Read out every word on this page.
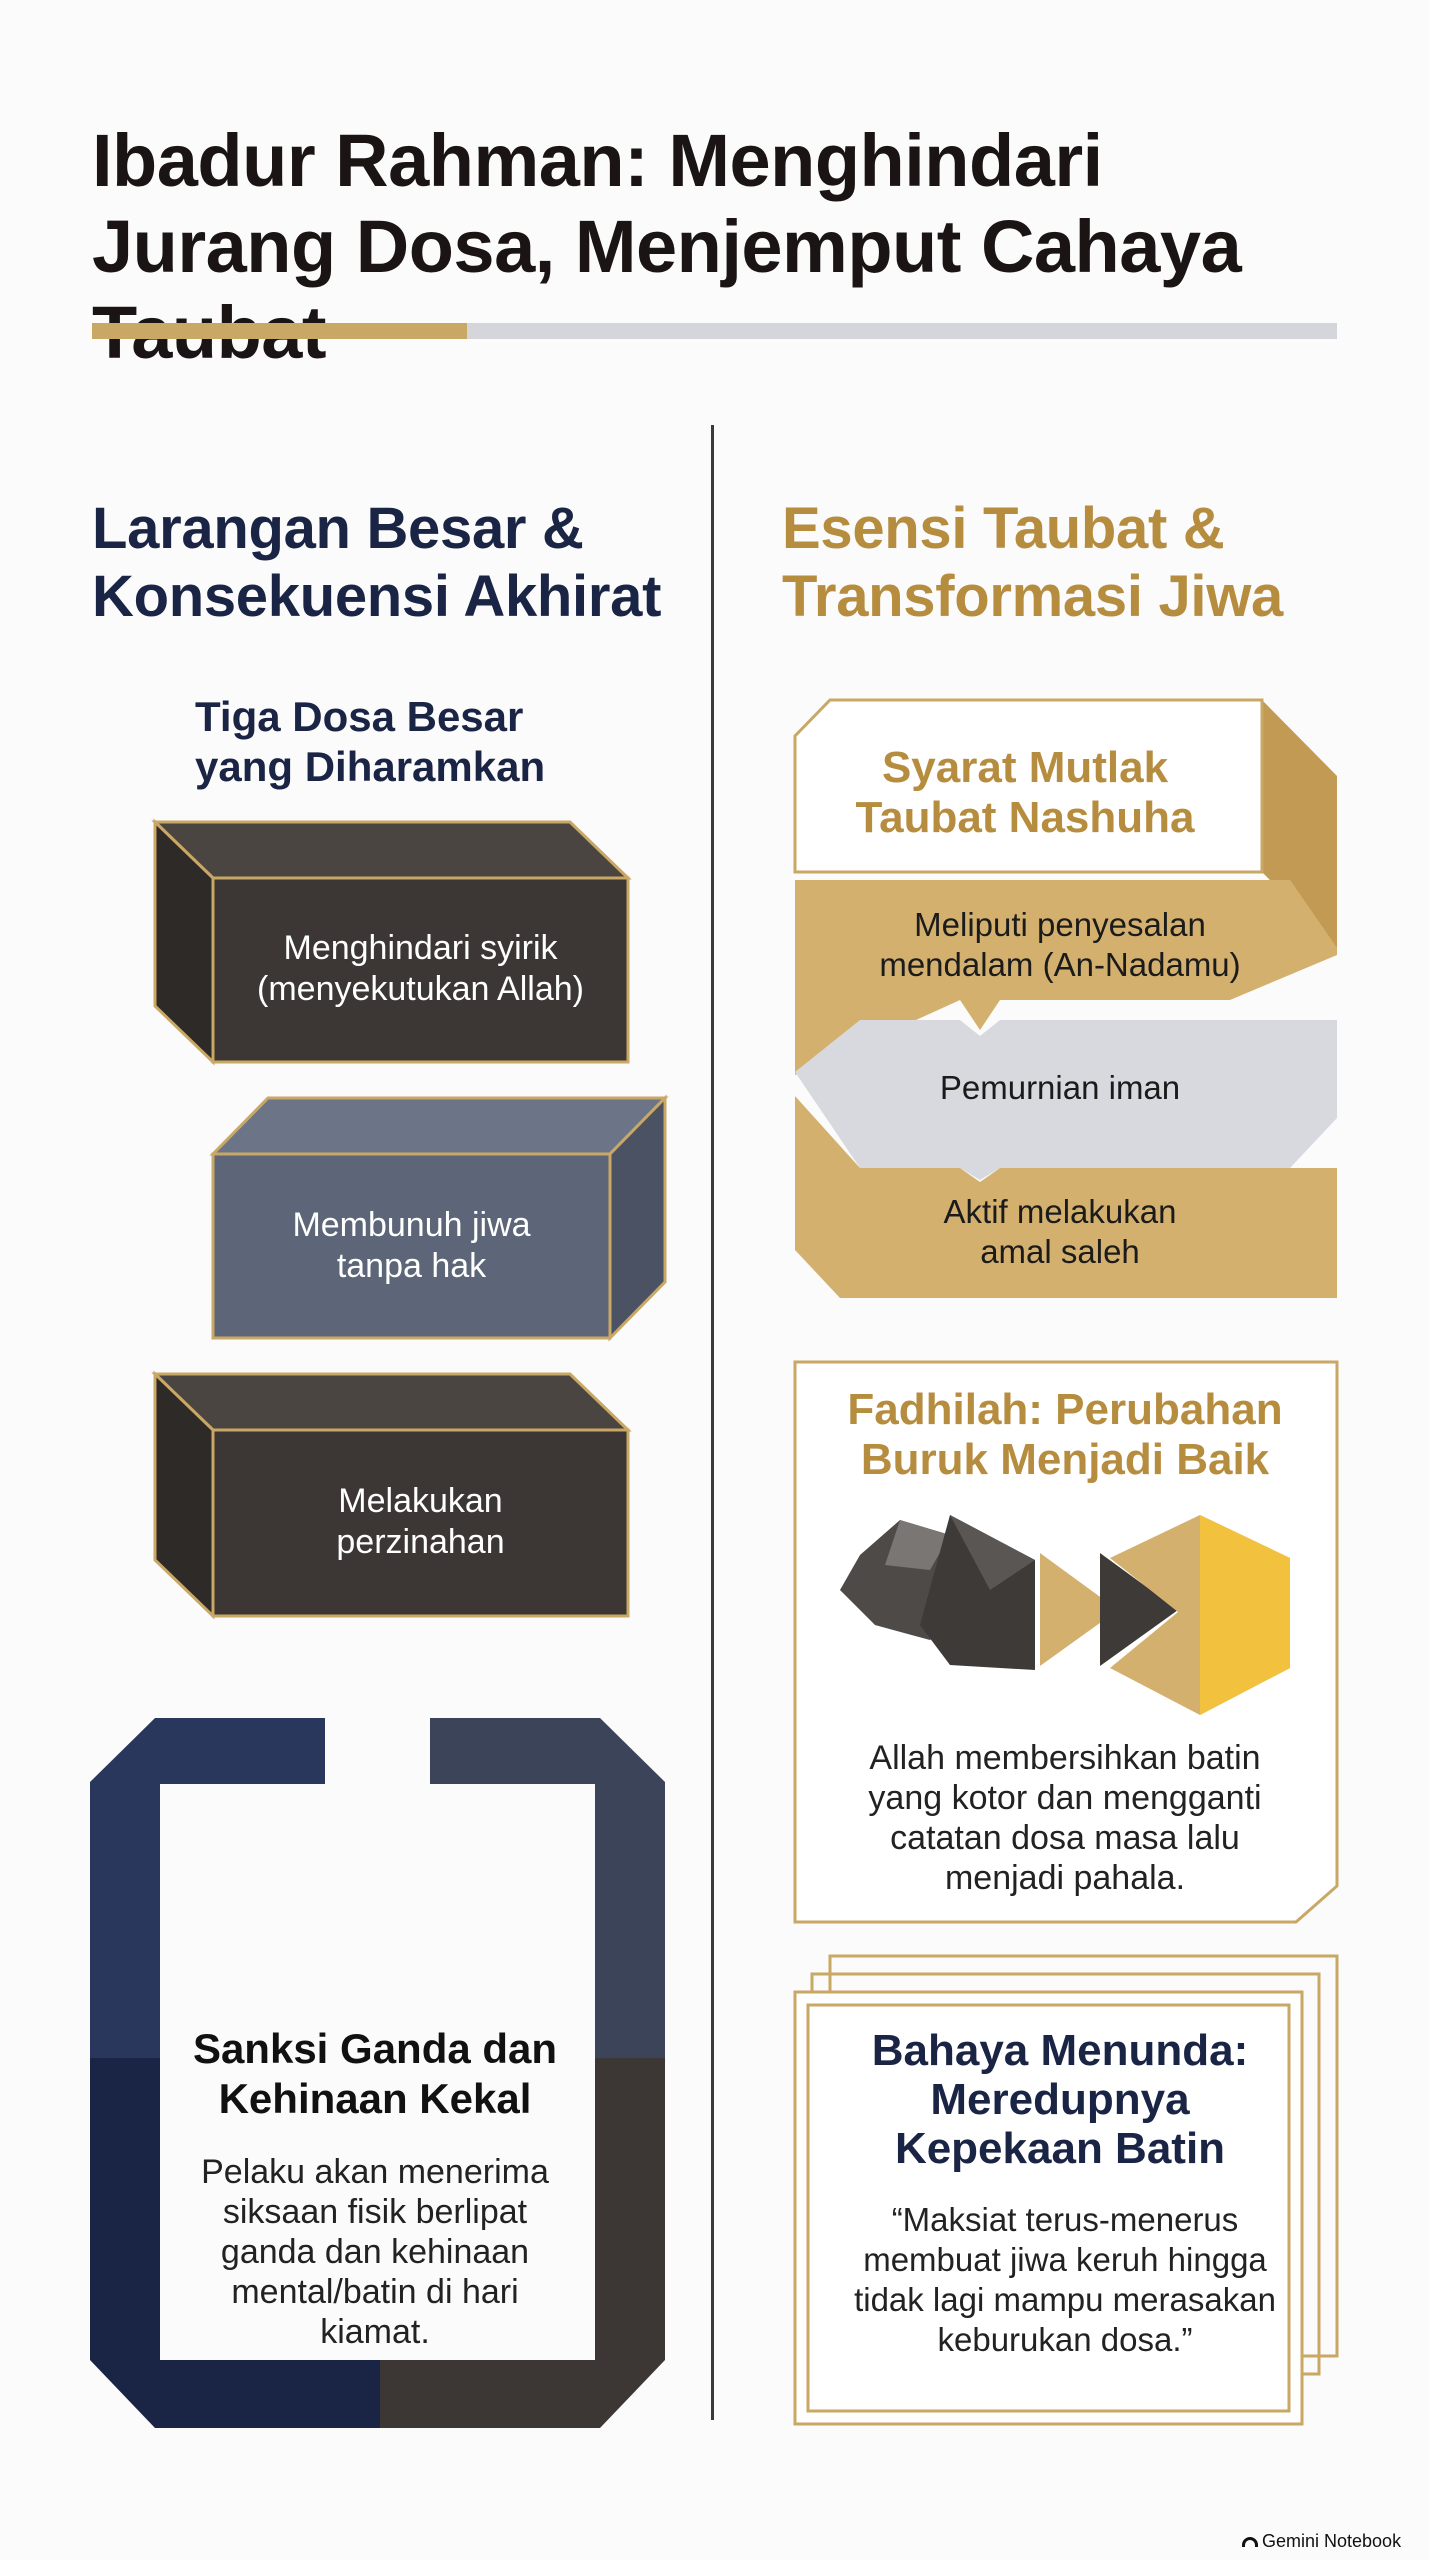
Ibadur Rahman: Menghindari Jurang Dosa, Menjemput Cahaya
Larangan Besar & Konsekuensi Akhirat
Esensi Taubat & Transformasi Jiwa
Tiga Dosa Besar yang Diharamkan
Menghindari syirik
(menyekutukan Allah)
Membunuh jiwa
tanpa hak
Melakukan
perzinahan
Sanksi Ganda dan
Kehinaan Kekal
Pelaku akan menerima
siksaan fisik berlipat
ganda dan kehinaan
mental/batin di hari
kiamat.
Syarat Mutlak
Taubat Nashuha
Meliputi penyesalan
mendalam (An-Nadamu)
Pemurnian iman
Aktif melakukan
amal saleh
Fadhilah: Perubahan
Buruk Menjadi Baik
Allah membersihkan batin
yang kotor dan mengganti
catatan dosa masa lalu
menjadi pahala.
Bahaya Menunda:
Meredupnya
Kepekaan Batin
“Maksiat terus-menerus
membuat jiwa keruh hingga
tidak lagi mampu merasakan
keburukan dosa.”
Gemini Notebook
